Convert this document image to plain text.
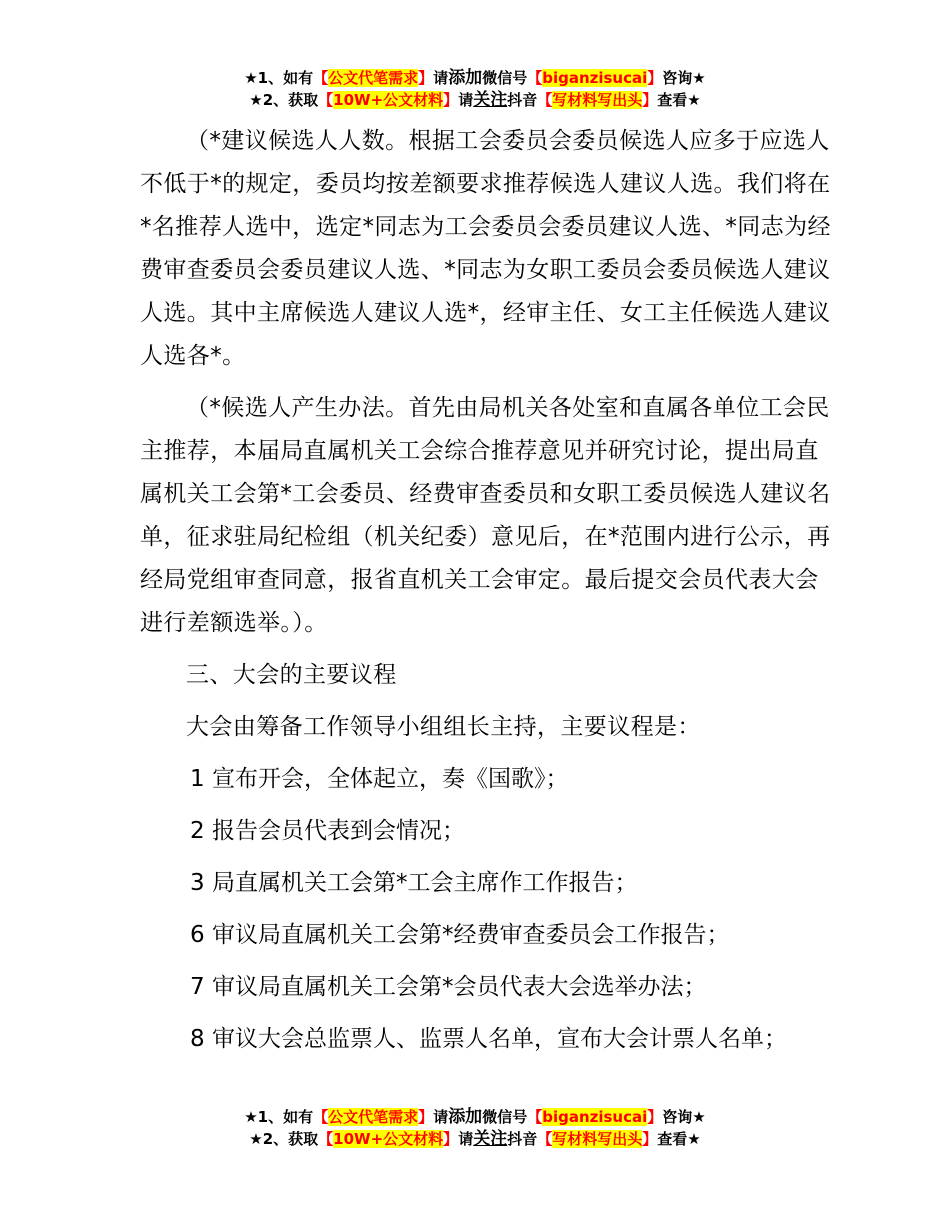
★1、如有【公文代笔需求】请添加微信号【biganzisucai】咨询★
★2、获取【10W+公文材料】请关注抖音【写材料写出头】查看★

（*建议候选人人数。根据工会委员会委员候选人应多于应选人不低于*的规定，委员均按差额要求推荐候选人建议人选。我们将在*名推荐人选中，选定*同志为工会委员会委员建议人选、*同志为经费审查委员会委员建议人选、*同志为女职工委员会委员候选人建议人选。其中主席候选人建议人选*，经审主任、女工主任候选人建议人选各*。

（*候选人产生办法。首先由局机关各处室和直属各单位工会民主推荐，本届局直属机关工会综合推荐意见并研究讨论，提出局直属机关工会第*工会委员、经费审查委员和女职工委员候选人建议名单，征求驻局纪检组（机关纪委）意见后，在*范围内进行公示，再经局党组审查同意，报省直机关工会审定。最后提交会员代表大会进行差额选举。）。

三、大会的主要议程

大会由筹备工作领导小组组长主持，主要议程是：

1 宣布开会，全体起立，奏《国歌》；

2 报告会员代表到会情况；

3 局直属机关工会第*工会主席作工作报告；

6 审议局直属机关工会第*经费审查委员会工作报告；

7 审议局直属机关工会第*会员代表大会选举办法；

8 审议大会总监票人、监票人名单，宣布大会计票人名单；

★1、如有【公文代笔需求】请添加微信号【biganzisucai】咨询★
★2、获取【10W+公文材料】请关注抖音【写材料写出头】查看★
